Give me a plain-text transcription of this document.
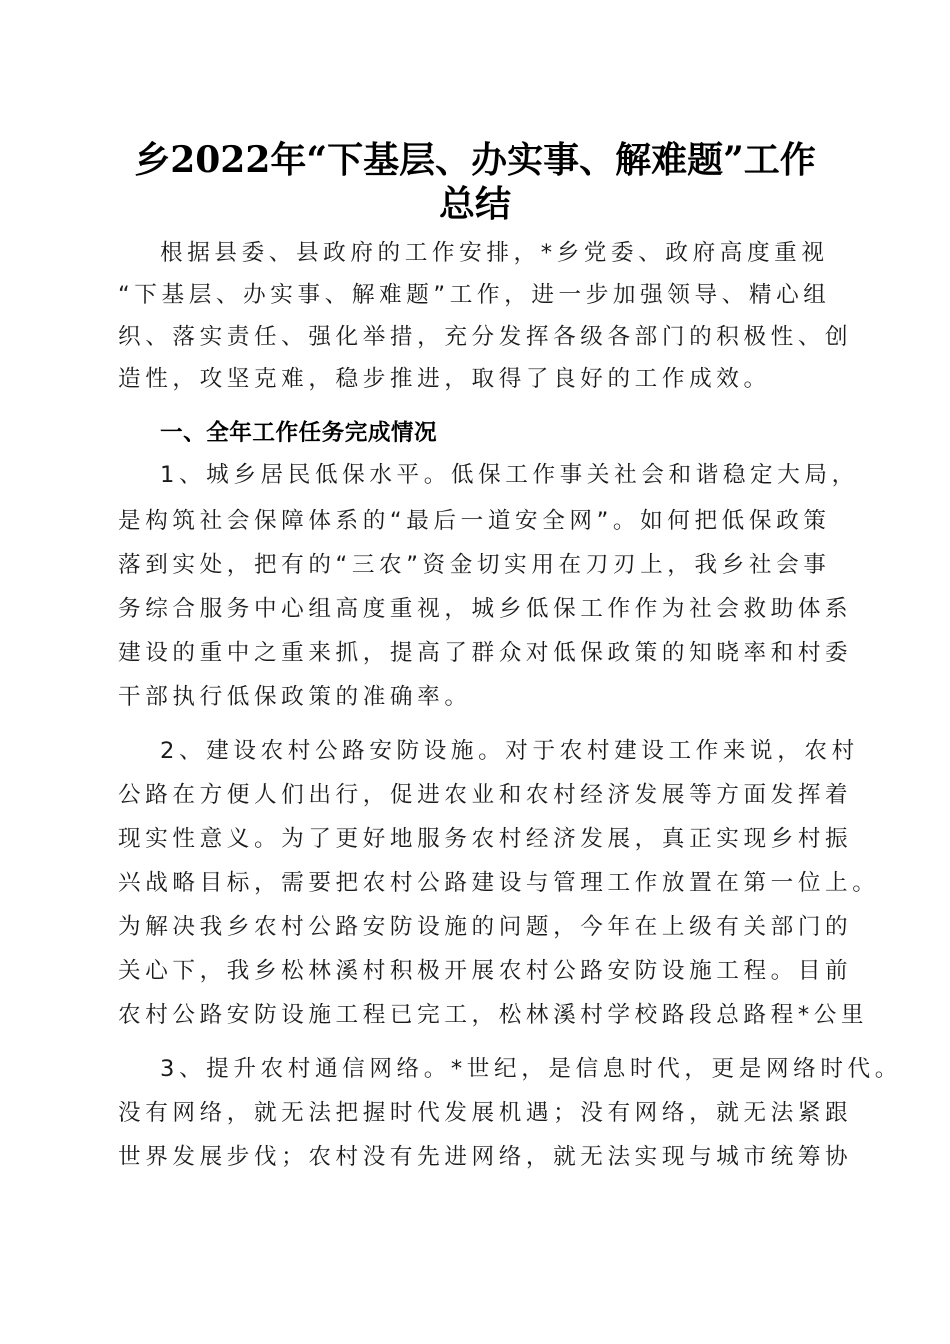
乡2022年“下基层、办实事、解难题”工作
总结
根据县委、县政府的工作安排，*乡党委、政府高度重视
“下基层、办实事、解难题”工作，进一步加强领导、精心组
织、落实责任、强化举措，充分发挥各级各部门的积极性、创
造性，攻坚克难，稳步推进，取得了良好的工作成效。
一、全年工作任务完成情况
1、城乡居民低保水平。低保工作事关社会和谐稳定大局，
是构筑社会保障体系的“最后一道安全网”。如何把低保政策
落到实处，把有的“三农”资金切实用在刀刃上，我乡社会事
务综合服务中心组高度重视，城乡低保工作作为社会救助体系
建设的重中之重来抓，提高了群众对低保政策的知晓率和村委
干部执行低保政策的准确率。
2、建设农村公路安防设施。对于农村建设工作来说，农村
公路在方便人们出行，促进农业和农村经济发展等方面发挥着
现实性意义。为了更好地服务农村经济发展，真正实现乡村振
兴战略目标，需要把农村公路建设与管理工作放置在第一位上。
为解决我乡农村公路安防设施的问题，今年在上级有关部门的
关心下，我乡松林溪村积极开展农村公路安防设施工程。目前
农村公路安防设施工程已完工，松林溪村学校路段总路程*公里
3、提升农村通信网络。*世纪，是信息时代，更是网络时代。
没有网络，就无法把握时代发展机遇；没有网络，就无法紧跟
世界发展步伐；农村没有先进网络，就无法实现与城市统筹协
